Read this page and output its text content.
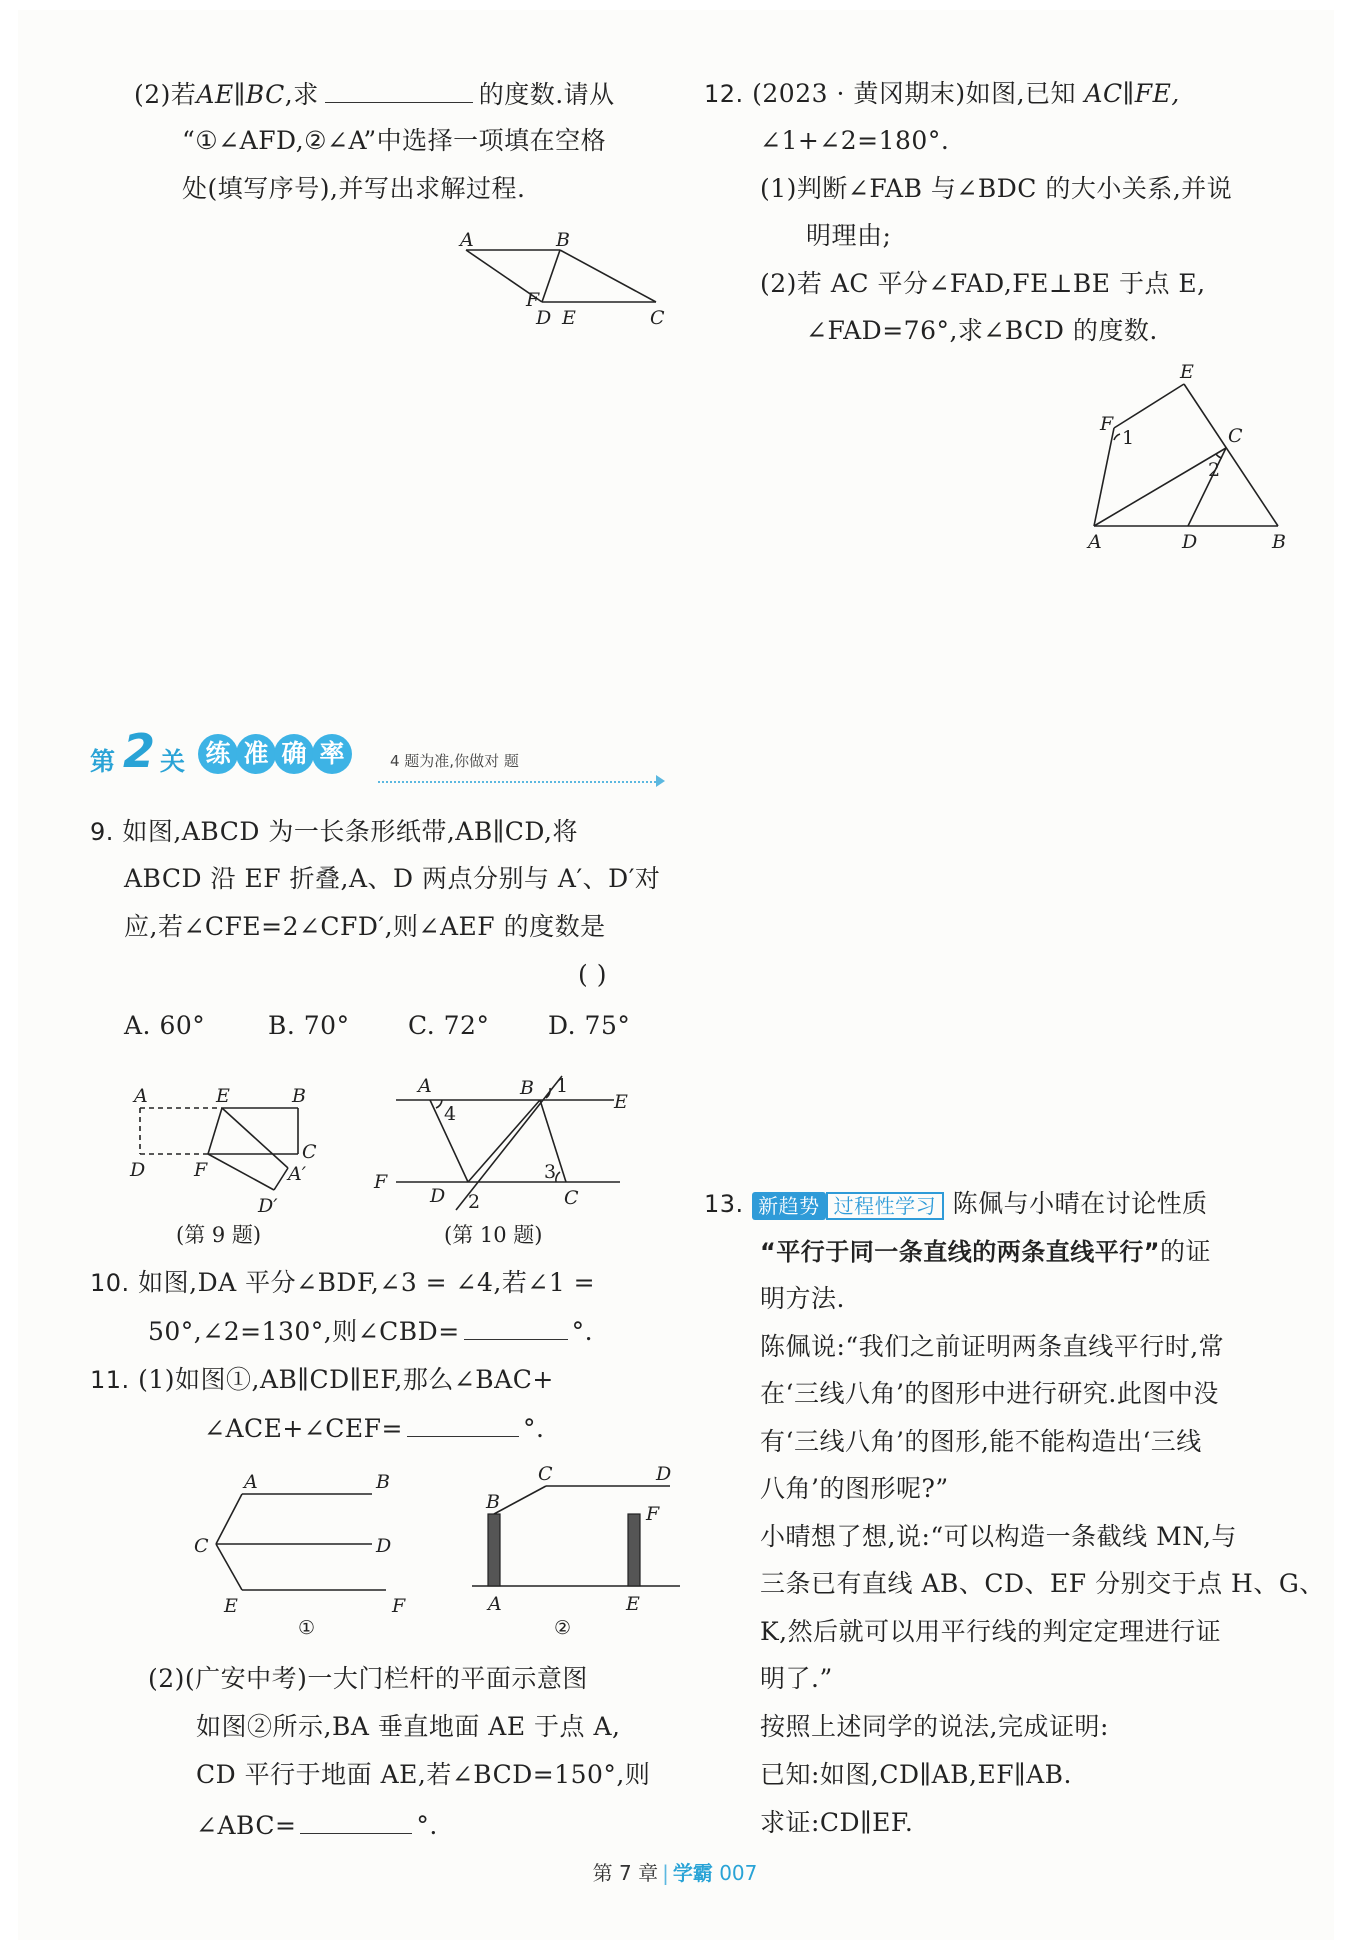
(2)若AE∥BC,求	的度数.请从
“①∠AFD,②∠A”中选择一项填在空格
处(填写序号),并写出求解过程.
A	B
F
D E	C
12. (2023 · 黄冈期末)如图,已知 AC∥FE,
∠1+∠2=180°.
(1)判断∠FAB 与∠BDC 的大小关系,并说
明理由;
(2)若 AC 平分∠FAD,FE⊥BE 于点 E,
∠FAD=76°,求∠BCD 的度数.
E
F
1	C
2
A	D	B
第 2 关 练 准 确 率	4 题为准,你做对 题
9. 如图,ABCD 为一长条形纸带,AB∥CD,将
ABCD 沿 EF 折叠,A、D 两点分别与 A′、D′对
应,若∠CFE=2∠CFD′,则∠AEF 的度数是
( )
A. 60°	B. 70° C. 72° D. 75°
A	E	B
C
D	F	A′
D′
(第 9 题)
A
4
B 1
E
3
F
D 2	C
(第 10 题)
10. 如图,DA 平分∠BDF,∠3 = ∠4,若∠1 =
50°,∠2=130°,则∠CBD=	°.
11. (1)如图①,AB∥CD∥EF,那么∠BAC+
∠ACE+∠CEF=	°.
A	B
C	D
E	F
①
C	D
B
F
A	E
②
(2)(广安中考)一大门栏杆的平面示意图
如图②所示,BA 垂直地面 AE 于点 A,
CD 平行于地面 AE,若∠BCD=150°,则
∠ABC=	°.
13. 新趋势 过程性学习 陈佩与小晴在讨论性质
“平行于同一条直线的两条直线平行”的证
明方法.
陈佩说:“我们之前证明两条直线平行时,常
在‘三线八角’的图形中进行研究.此图中没
有‘三线八角’的图形,能不能构造出‘三线
八角’的图形呢?”
小晴想了想,说:“可以构造一条截线 MN,与
三条已有直线 AB、CD、EF 分别交于点 H、G、
K,然后就可以用平行线的判定定理进行证
明了.”
按照上述同学的说法,完成证明:
已知:如图,CD∥AB,EF∥AB.
求证:CD∥EF.
第 7 章 | 学霸 007
